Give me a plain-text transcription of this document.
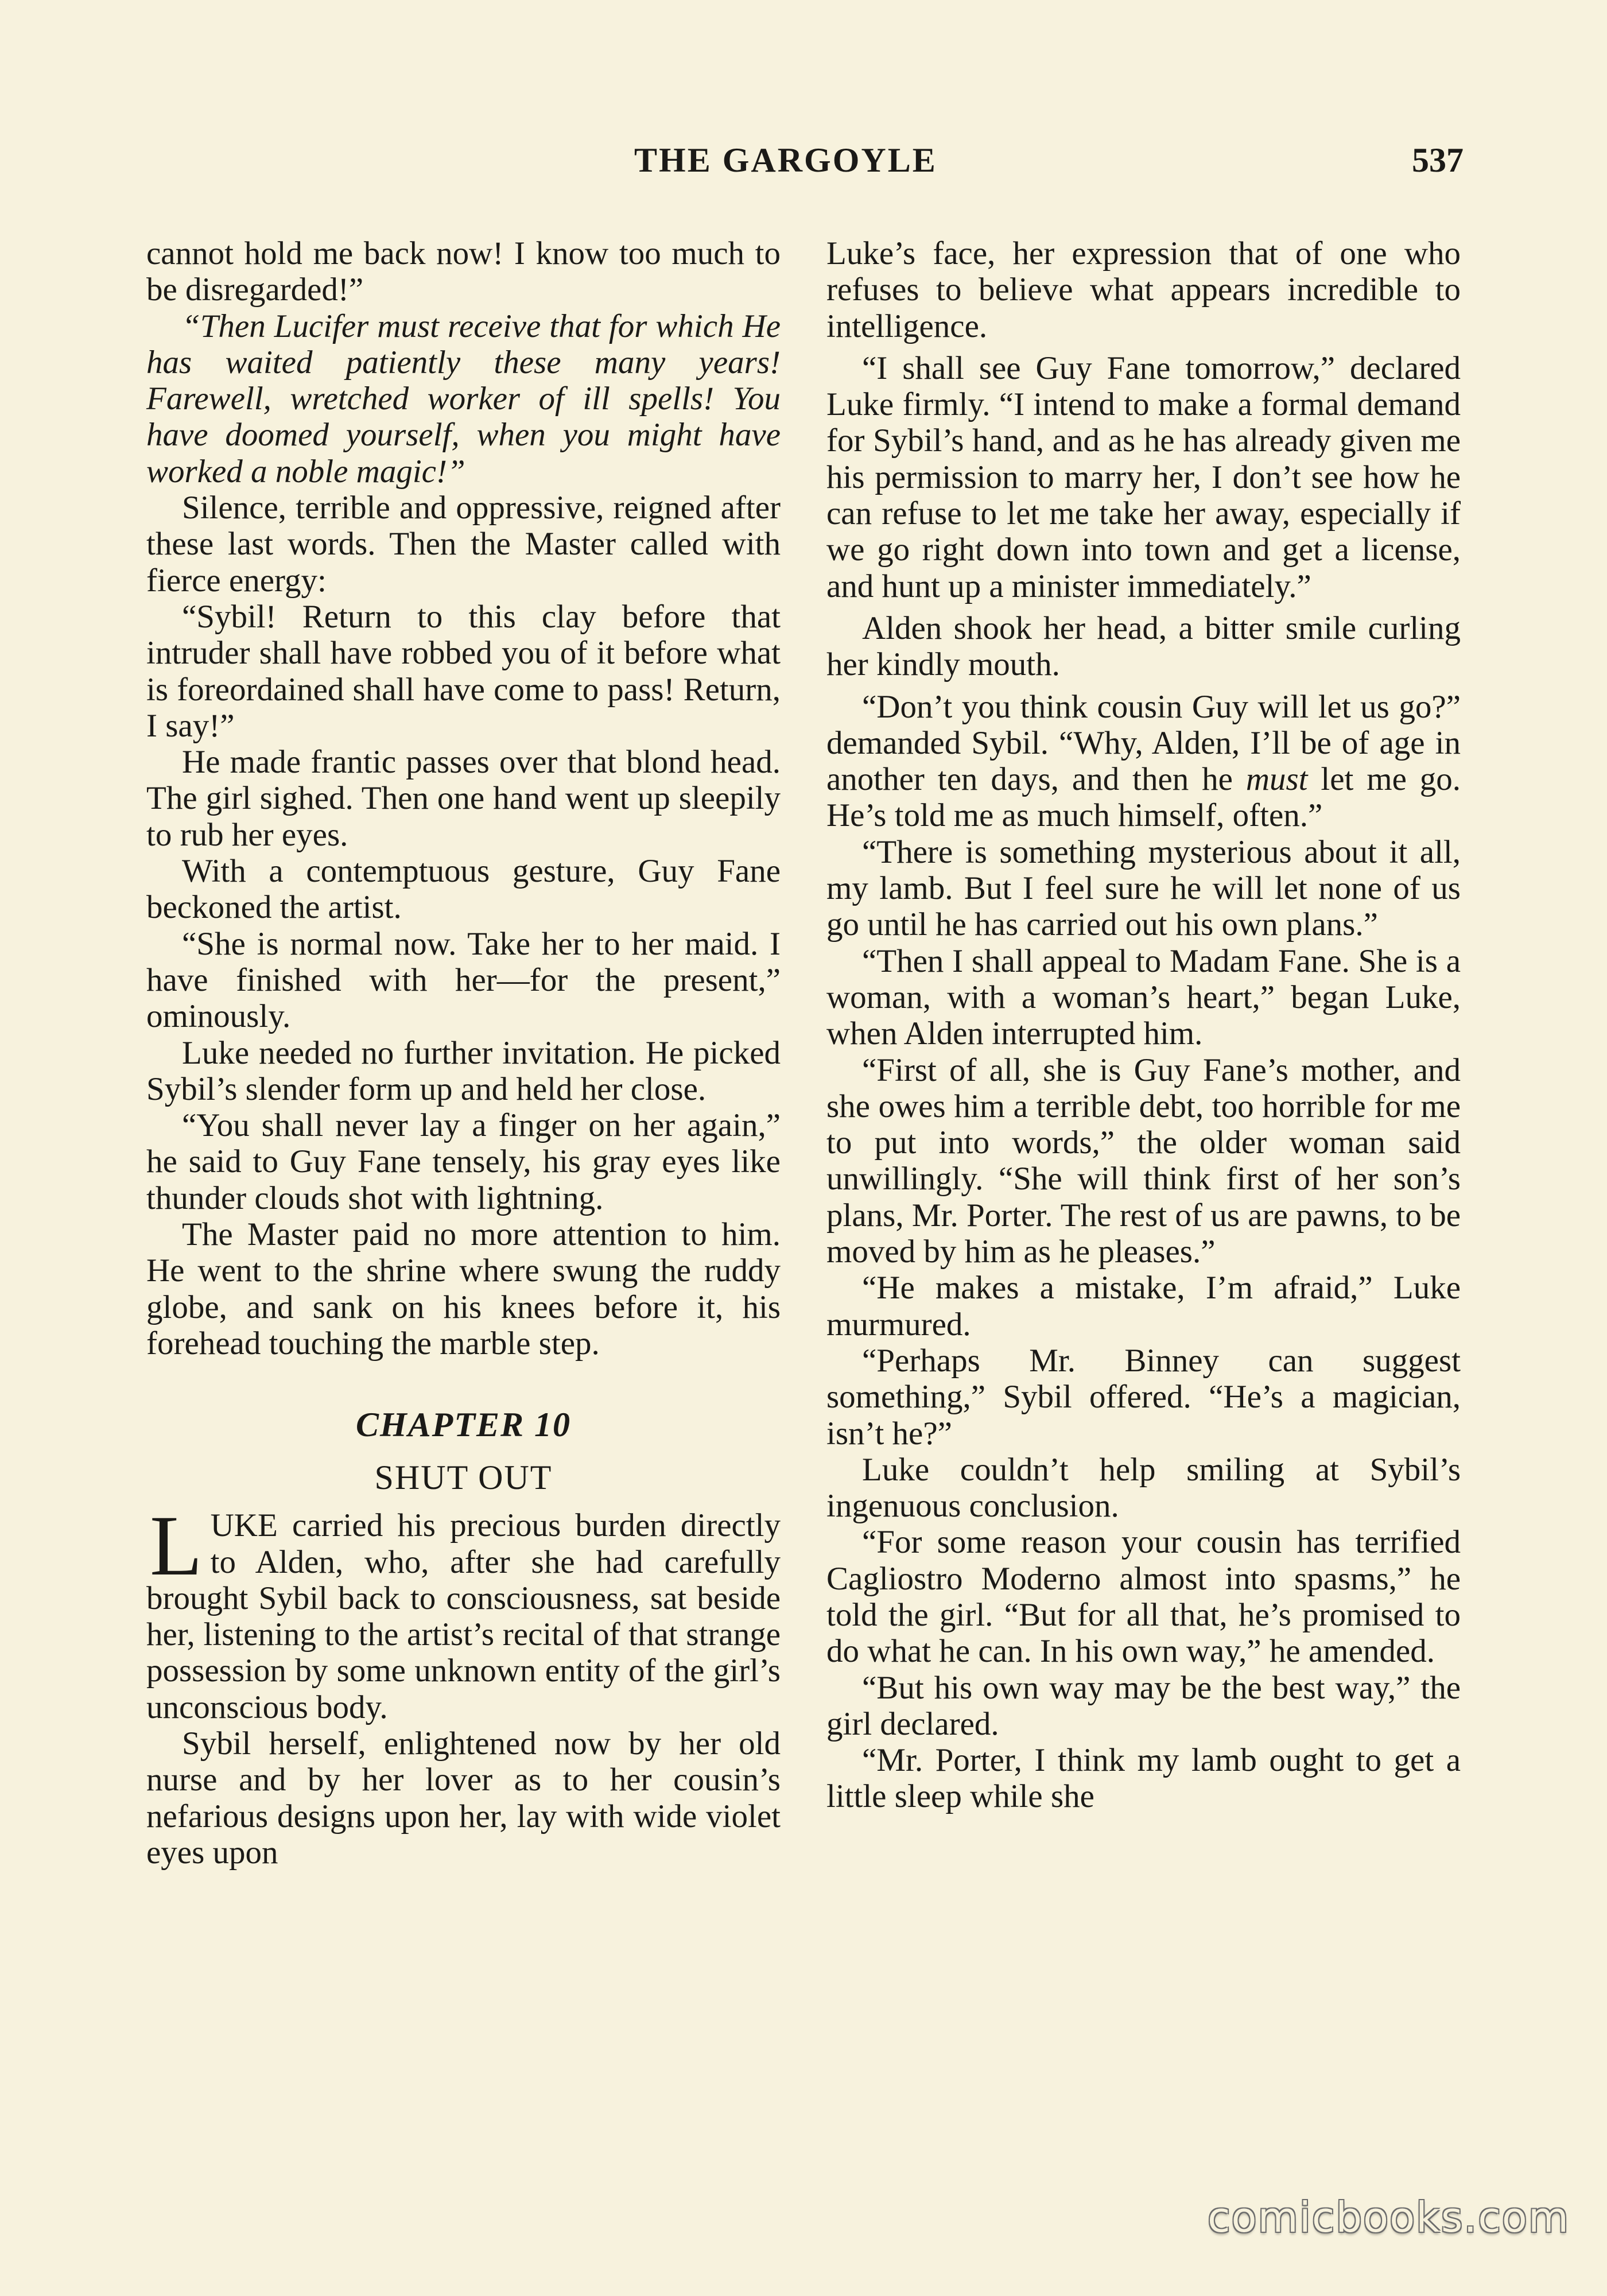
THE GARGOYLE	537

cannot hold me back now! I know too much to be disregarded!”

“Then Lucifer must receive that for which He has waited patiently these many years! Farewell, wretched worker of ill spells! You have doomed yourself, when you might have worked a noble magic!”

Silence, terrible and oppressive, reigned after these last words. Then the Master called with fierce energy:

“Sybil! Return to this clay before that intruder shall have robbed you of it before what is foreordained shall have come to pass! Return, I say!”

He made frantic passes over that blond head. The girl sighed. Then one hand went up sleepily to rub her eyes.

With a contemptuous gesture, Guy Fane beckoned the artist.

“She is normal now. Take her to her maid. I have finished with her—for the present,” ominously.

Luke needed no further invitation. He picked Sybil’s slender form up and held her close.

“You shall never lay a finger on her again,” he said to Guy Fane tensely, his gray eyes like thunder clouds shot with lightning.

The Master paid no more attention to him. He went to the shrine where swung the ruddy globe, and sank on his knees before it, his forehead touching the marble step.

CHAPTER 10
SHUT OUT

LUKE carried his precious burden directly to Alden, who, after she had carefully brought Sybil back to consciousness, sat beside her, listening to the artist’s recital of that strange possession by some unknown entity of the girl’s unconscious body.

Sybil herself, enlightened now by her old nurse and by her lover as to her cousin’s nefarious designs upon her, lay with wide violet eyes upon

Luke’s face, her expression that of one who refuses to believe what appears incredible to intelligence.

“I shall see Guy Fane tomorrow,” declared Luke firmly. “I intend to make a formal demand for Sybil’s hand, and as he has already given me his permission to marry her, I don’t see how he can refuse to let me take her away, especially if we go right down into town and get a license, and hunt up a minister immediately.”

Alden shook her head, a bitter smile curling her kindly mouth.

“Don’t you think cousin Guy will let us go?” demanded Sybil. “Why, Alden, I’ll be of age in another ten days, and then he must let me go. He’s told me as much himself, often.”

“There is something mysterious about it all, my lamb. But I feel sure he will let none of us go until he has carried out his own plans.”

“Then I shall appeal to Madam Fane. She is a woman, with a woman’s heart,” began Luke, when Alden interrupted him.

“First of all, she is Guy Fane’s mother, and she owes him a terrible debt, too horrible for me to put into words,” the older woman said unwillingly. “She will think first of her son’s plans, Mr. Porter. The rest of us are pawns, to be moved by him as he pleases.”

“He makes a mistake, I’m afraid,” Luke murmured.

“Perhaps Mr. Binney can suggest something,” Sybil offered. “He’s a magician, isn’t he?”

Luke couldn’t help smiling at Sybil’s ingenuous conclusion.

“For some reason your cousin has terrified Cagliostro Moderno almost into spasms,” he told the girl. “But for all that, he’s promised to do what he can. In his own way,” he amended.

“But his own way may be the best way,” the girl declared.

“Mr. Porter, I think my lamb ought to get a little sleep while she

comicbooks.com
